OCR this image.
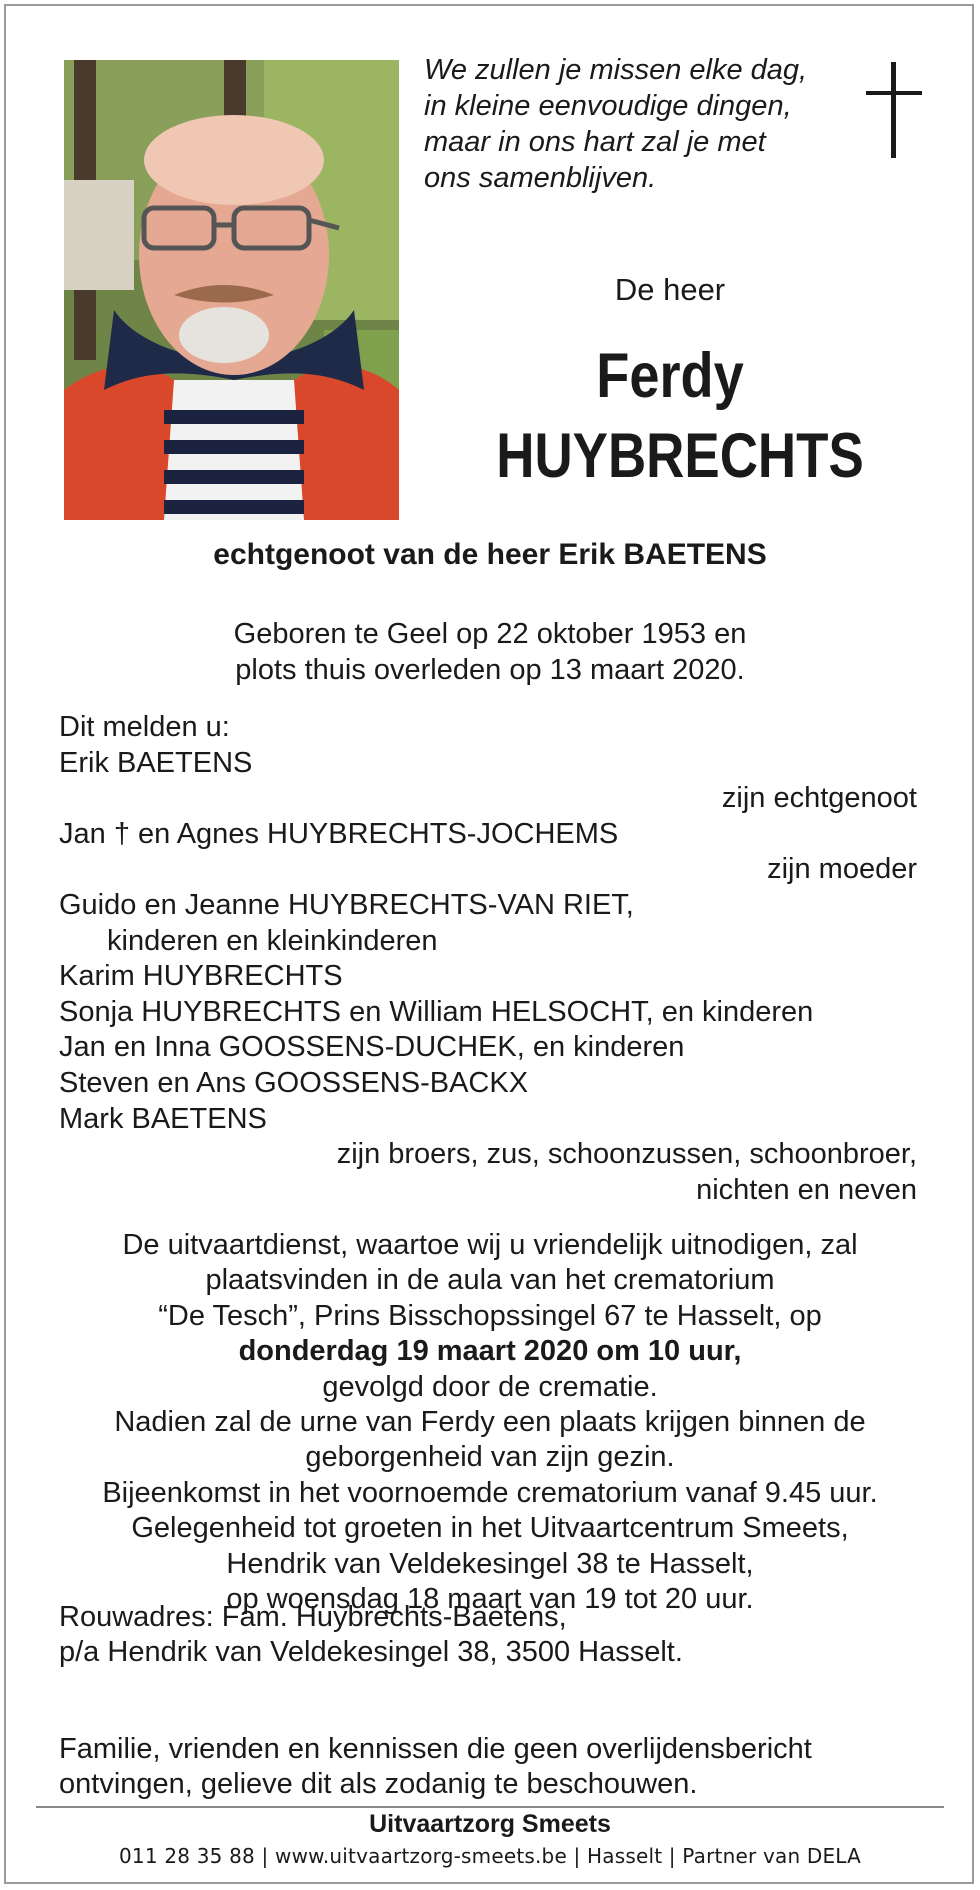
We zullen je missen elke dag,
in kleine eenvoudige dingen,
maar in ons hart zal je met
ons samenblijven.
De heer
Ferdy
HUYBRECHTS
echtgenoot van de heer Erik BAETENS
Geboren te Geel op 22 oktober 1953 en
plots thuis overleden op 13 maart 2020.
Dit melden u:
Erik BAETENS
zijn echtgenoot
Jan † en Agnes HUYBRECHTS-JOCHEMS
zijn moeder
Guido en Jeanne HUYBRECHTS-VAN RIET,
kinderen en kleinkinderen
Karim HUYBRECHTS
Sonja HUYBRECHTS en William HELSOCHT, en kinderen
Jan en Inna GOOSSENS-DUCHEK, en kinderen
Steven en Ans GOOSSENS-BACKX
Mark BAETENS
zijn broers, zus, schoonzussen, schoonbroer,
nichten en neven
De uitvaartdienst, waartoe wij u vriendelijk uitnodigen, zal
plaatsvinden in de aula van het crematorium
“De Tesch”, Prins Bisschopssingel 67 te Hasselt, op
donderdag 19 maart 2020 om 10 uur,
gevolgd door de crematie.
Nadien zal de urne van Ferdy een plaats krijgen binnen de
geborgenheid van zijn gezin.
Bijeenkomst in het voornoemde crematorium vanaf 9.45 uur.
Gelegenheid tot groeten in het Uitvaartcentrum Smeets,
Hendrik van Veldekesingel 38 te Hasselt,
op woensdag 18 maart van 19 tot 20 uur.
Rouwadres: Fam. Huybrechts-Baetens,
p/a Hendrik van Veldekesingel 38, 3500 Hasselt.
Familie, vrienden en kennissen die geen overlijdensbericht
ontvingen, gelieve dit als zodanig te beschouwen.
Uitvaartzorg Smeets
011 28 35 88 | www.uitvaartzorg-smeets.be | Hasselt | Partner van DELA
